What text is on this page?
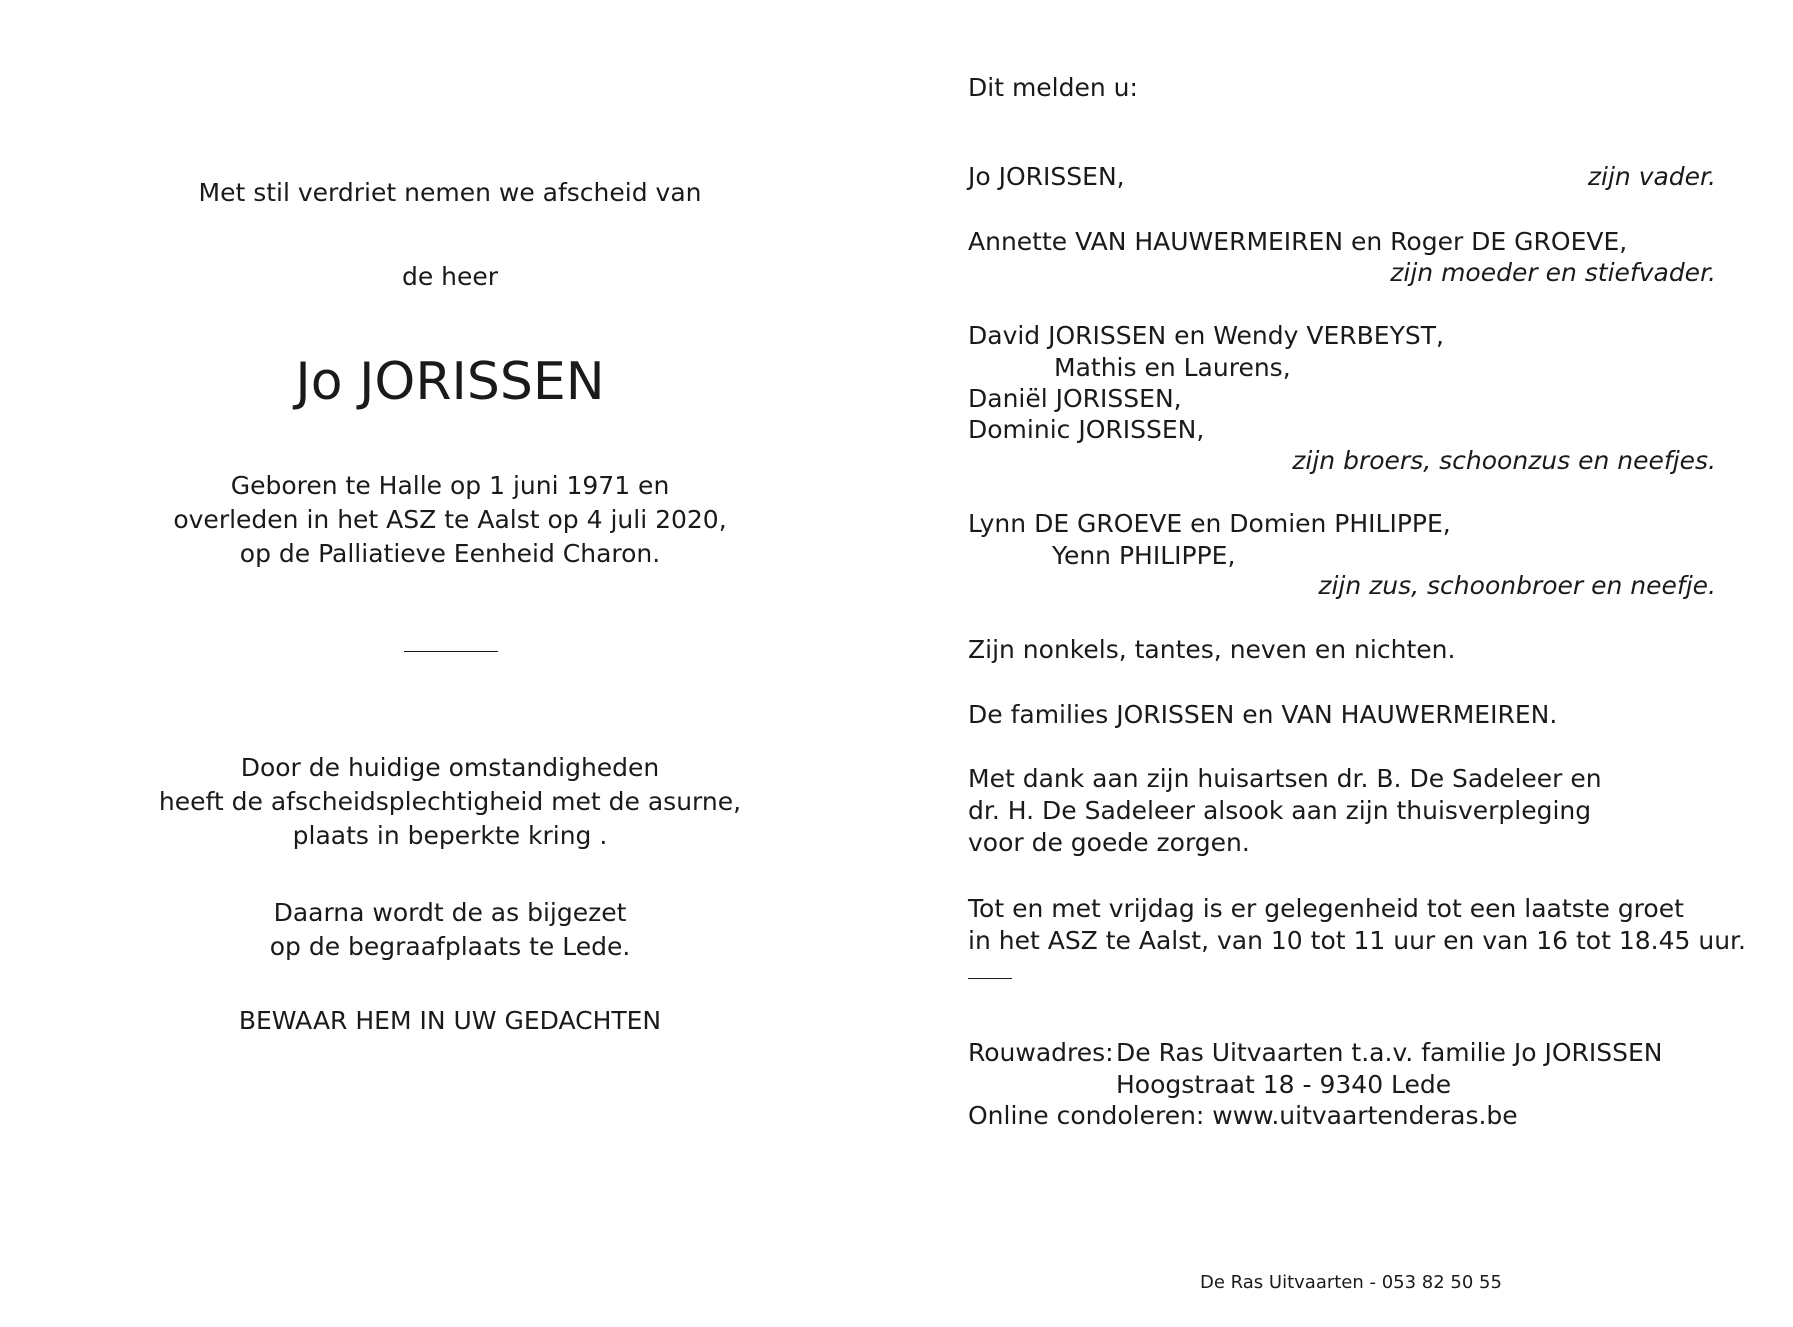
Met stil verdriet nemen we afscheid van
de heer
Jo JORISSEN
Geboren te Halle op 1 juni 1971 en
overleden in het ASZ te Aalst op 4 juli 2020,
op de Palliatieve Eenheid Charon.
Door de huidige omstandigheden
heeft de afscheidsplechtigheid met de asurne,
plaats in beperkte kring .
Daarna wordt de as bijgezet
op de begraafplaats te Lede.
BEWAAR HEM IN UW GEDACHTEN
Dit melden u:
Jo JORISSEN,	zijn vader.
Annette VAN HAUWERMEIREN en Roger DE GROEVE,
zijn moeder en stiefvader.
David JORISSEN en Wendy VERBEYST,
Mathis en Laurens,
Daniël JORISSEN,
Dominic JORISSEN,
zijn broers, schoonzus en neefjes.
Lynn DE GROEVE en Domien PHILIPPE,
Yenn PHILIPPE,
zijn zus, schoonbroer en neefje.
Zijn nonkels, tantes, neven en nichten.
De families JORISSEN en VAN HAUWERMEIREN.
Met dank aan zijn huisartsen dr. B. De Sadeleer en
dr. H. De Sadeleer alsook aan zijn thuisverpleging
voor de goede zorgen.
Tot en met vrijdag is er gelegenheid tot een laatste groet
in het ASZ te Aalst, van 10 tot 11 uur en van 16 tot 18.45 uur.
Rouwadres: De Ras Uitvaarten t.a.v. familie Jo JORISSEN
Hoogstraat 18 - 9340 Lede
Online condoleren: www.uitvaartenderas.be
De Ras Uitvaarten - 053 82 50 55
